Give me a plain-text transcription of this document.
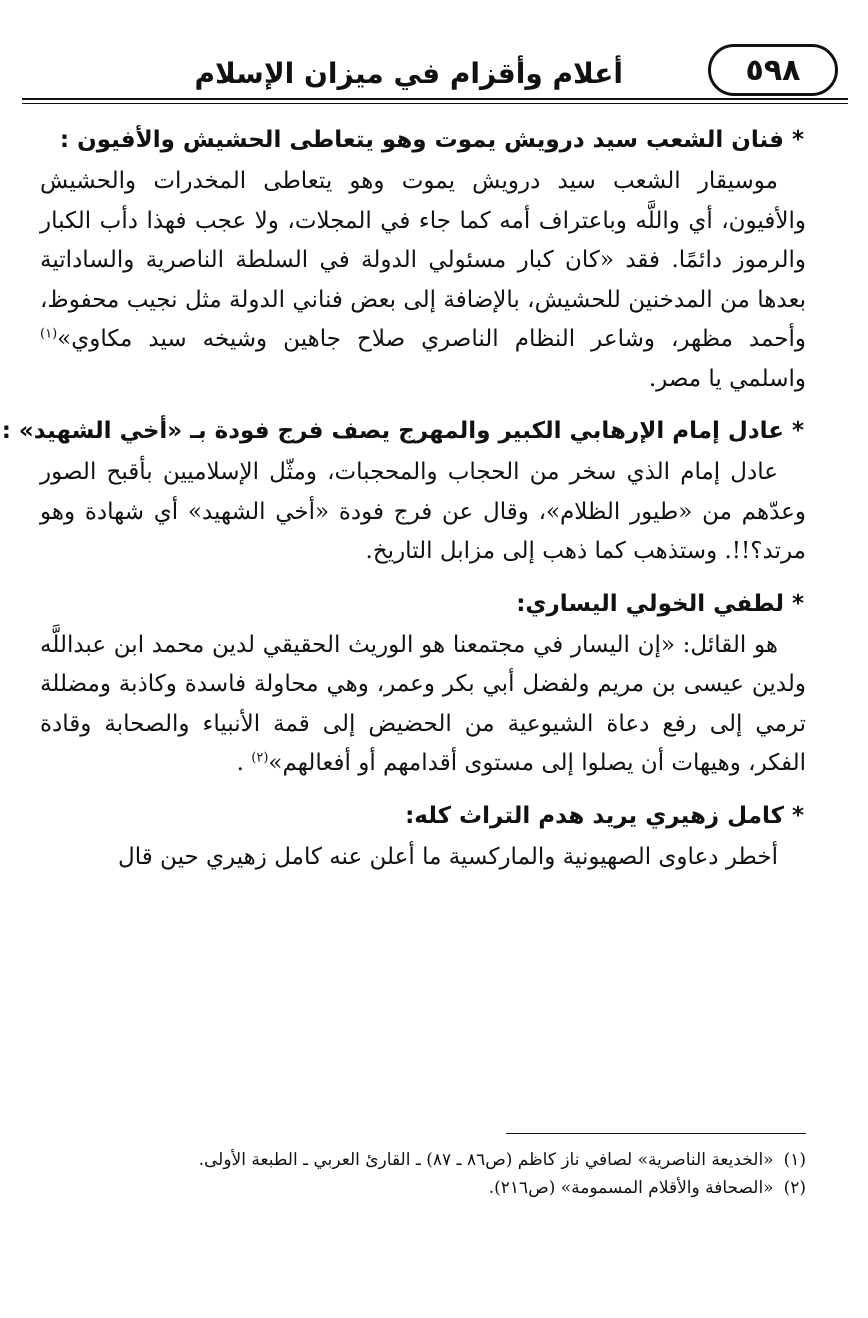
٥٩٨
أعلام وأقزام في ميزان الإسلام

*فنان الشعب سيد درويش يموت وهو يتعاطى الحشيش والأفيون :

موسيقار الشعب سيد درويش يموت وهو يتعاطى المخدرات والحشيش والأفيون، أي واللَّه وباعتراف أمه كما جاء في المجلات، ولا عجب فهذا دأب الكبار والرموز دائمًا. فقد «كان كبار مسئولي الدولة في السلطة الناصرية والساداتية بعدها من المدخنين للحشيش، بالإضافة إلى بعض فناني الدولة مثل نجيب محفوظ، وأحمد مظهر، وشاعر النظام الناصري صلاح جاهين وشيخه سيد مكاوي»$^{(١)}$ واسلمي يا مصر.

*عادل إمام الإرهابي الكبير والمهرج يصف فرج فودة بـ «أخي الشهيد» :

عادل إمام الذي سخر من الحجاب والمحجبات، ومثّل الإسلاميين بأقبح الصور وعدّهم من «طيور الظلام»، وقال عن فرج فودة «أخي الشهيد» أي شهادة وهو مرتد؟!!. وستذهب كما ذهب إلى مزابل التاريخ.

*لطفي الخولي اليساري:

هو القائل: «إن اليسار في مجتمعنا هو الوريث الحقيقي لدين محمد ابن عبداللَّه ولدين عيسى بن مريم ولفضل أبي بكر وعمر، وهي محاولة فاسدة وكاذبة ومضللة ترمي إلى رفع دعاة الشيوعية من الحضيض إلى قمة الأنبياء والصحابة وقادة الفكر، وهيهات أن يصلوا إلى مستوى أقدامهم أو أفعالهم»$^{(٢)}$ .

*كامل زهيري يريد هدم التراث كله:

أخطر دعاوى الصهيونية والماركسية ما أعلن عنه كامل زهيري حين قال

(١)«الخديعة الناصرية» لصافي ناز كاظم (ص٨٦ ـ ٨٧) ـ القارئ العربي ـ الطبعة الأولى.

(٢)«الصحافة والأقلام المسمومة» (ص٢١٦).
